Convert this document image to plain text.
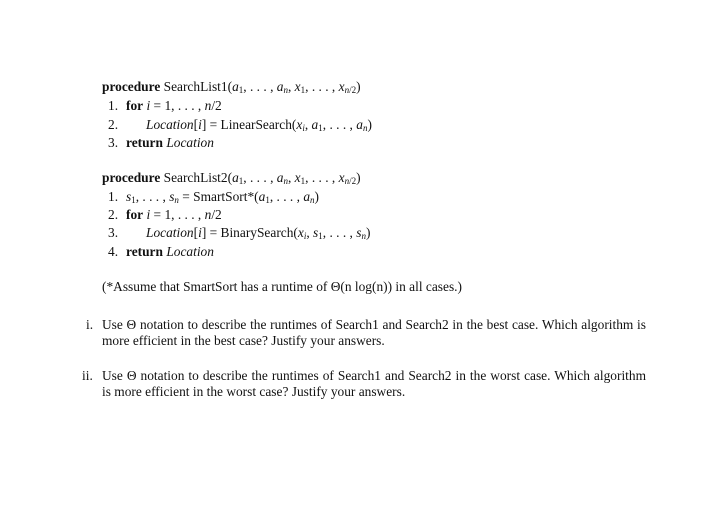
procedure $SearchList1(a_1$, . . . , $a_n$, $x_1$, . . . , $x_{n/2}$)
1. for i = 1, . . . , n/2
2. Location[i] = $LinearSearch(x_i$, $a_1$, . . . , $a_n$)
3. return Location
procedure $SearchList2(a_1$, . . . , $a_n$, $x_1$, . . . , $x_{n/2}$)
1. $s_1$, . . . , $s_n$ = $SmartSort*(a_1$, . . . , $a_n$)
2. for i = 1, . . . , n/2
3. Location[i] = $BinarySearch(x_i$, $s_1$, . . . , $s_n$)
4. return Location
(*Assume that SmartSort has a runtime of Θ(n log(n)) in all cases.)
i. Use Θ notation to describe the runtimes of Search1 and Search2 in the best case. Which algorithm is more efficient in the best case? Justify your answers.
ii. Use Θ notation to describe the runtimes of Search1 and Search2 in the worst case. Which algorithm is more efficient in the worst case? Justify your answers.
